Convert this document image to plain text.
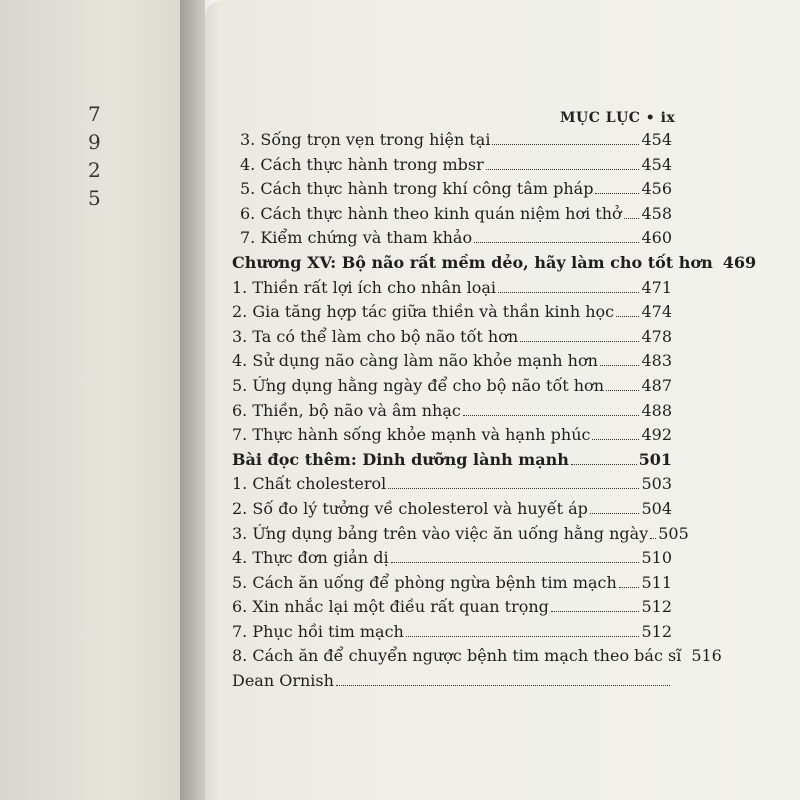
7
9
2
5
MỤC LỤC • ix
3. Sống trọn vẹn trong hiện tại	454
4. Cách thực hành trong mbsr	454
5. Cách thực hành trong khí công tâm pháp	456
6. Cách thực hành theo kinh quán niệm hơi thở 458
7. Kiểm chứng và tham khảo	460
Chương XV: Bộ não rất mềm dẻo, hãy làm cho tốt hơn 469
1. Thiền rất lợi ích cho nhân loại	471
2. Gia tăng hợp tác giữa thiền và thần kinh học 474
3. Ta có thể làm cho bộ não tốt hơn	478
4. Sử dụng não càng làm não khỏe mạnh hơn	483
5. Ứng dụng hằng ngày để cho bộ não tốt hơn 487
6. Thiền, bộ não và âm nhạc	488
7. Thực hành sống khỏe mạnh và hạnh phúc	492
Bài đọc thêm: Dinh dưỡng lành mạnh	501
1. Chất cholesterol	503
2. Số đo lý tưởng về cholesterol và huyết áp	504
3. Ứng dụng bảng trên vào việc ăn uống hằng ngày 505
4. Thực đơn giản dị	510
5. Cách ăn uống để phòng ngừa bệnh tim mạch 511
6. Xin nhắc lại một điều rất quan trọng	512
7. Phục hồi tim mạch	512
8. Cách ăn để chuyển ngược bệnh tim mạch theo bác sĩ 516
Dean Ornish
